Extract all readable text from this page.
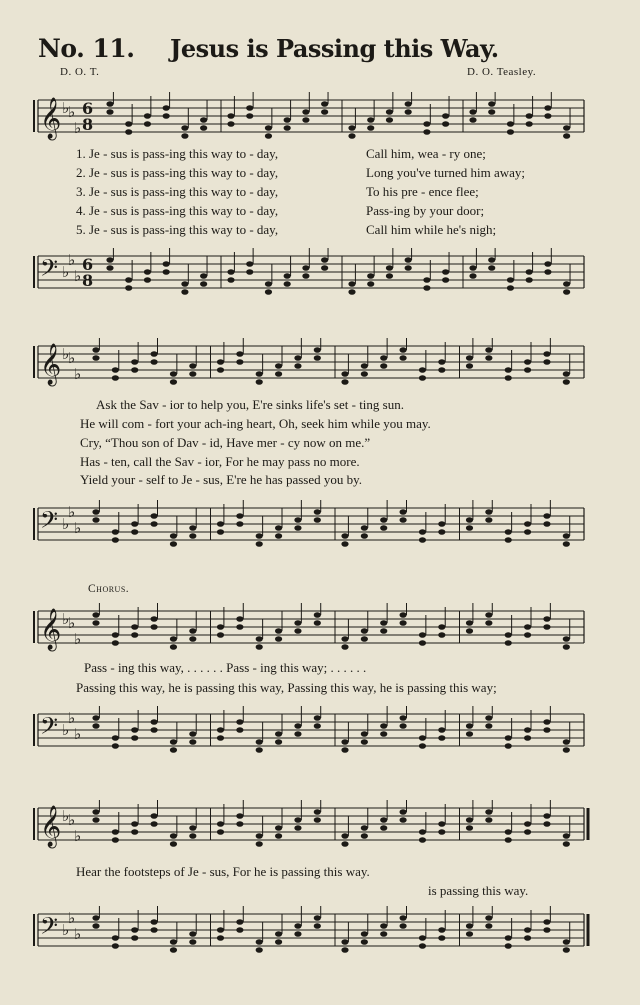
No. 11. Jesus is Passing this Way.
D. O. T.	D. O. Teasley.
𝄞 ♭
♭
♭
6
8
1. Je - sus is pass-ing this way to - day,	Call him, wea - ry one;
2. Je - sus is pass-ing this way to - day,	Long you've turned him away;
3. Je - sus is pass-ing this way to - day,	To his pre - ence flee;
4. Je - sus is pass-ing this way to - day,	Pass-ing by your door;
5. Je - sus is pass-ing this way to - day,	Call him while he's nigh;
𝄢 ♭
♭
♭
6
8
𝄞 ♭
♭
♭
Ask the Sav - ior to help you, E're sinks life's set - ting sun.
He will com - fort your ach-ing heart, Oh, seek him while you may.
Cry, “Thou son of Dav - id, Have mer - cy now on me.”
Has - ten, call the Sav - ior, For he may pass no more.
Yield your - self to Je - sus, E're he has passed you by.
𝄢 ♭
♭
♭
Chorus.
𝄞 ♭
♭
♭
Pass - ing this way, . . . . . . Pass - ing this way; . . . . . .
Passing this way, he is passing this way, Passing this way, he is passing this way;
𝄢 ♭
♭
♭
𝄞 ♭
♭
♭
Hear the footsteps of Je - sus, For he is passing this way.
is passing this way.
𝄢 ♭
♭
♭
